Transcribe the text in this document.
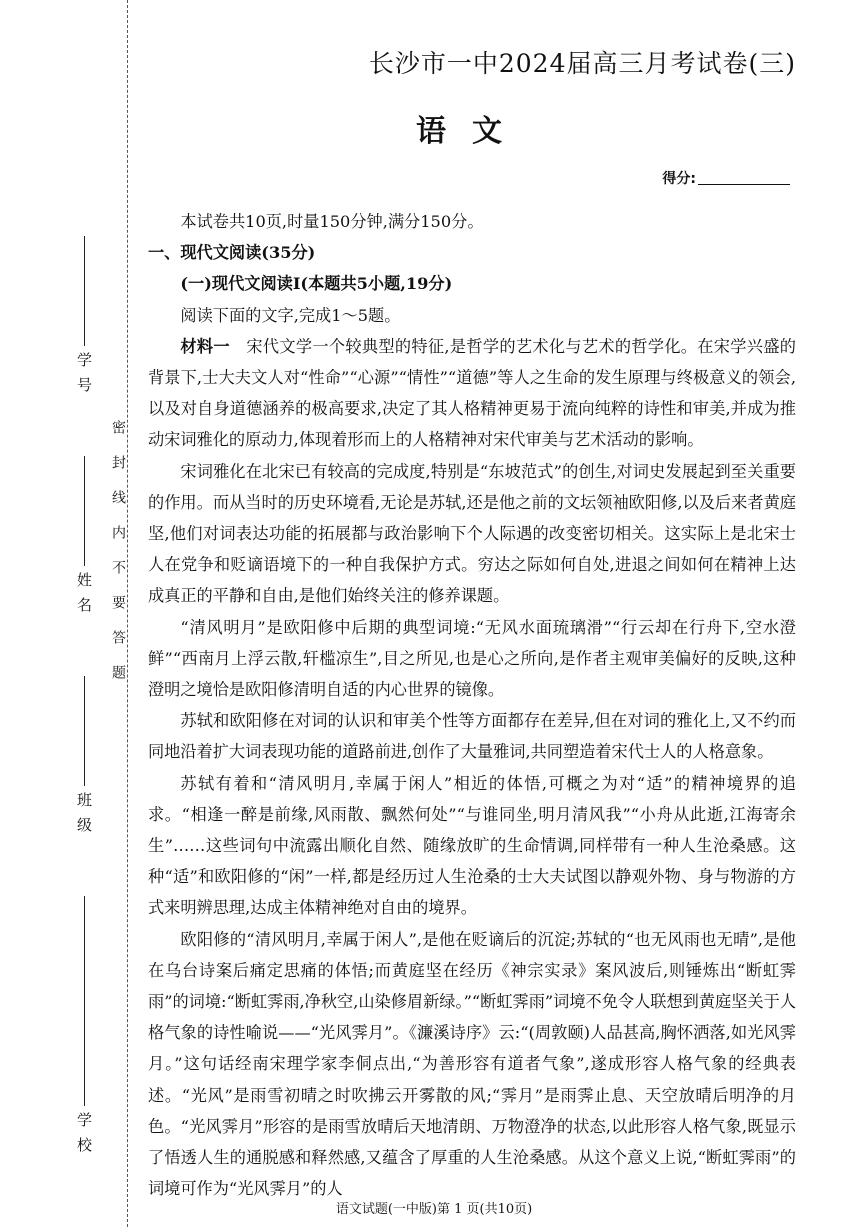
学号
姓名
班级
学校
密封线内不要答题
长沙市一中2024届高三月考试卷(三)
语文
得分:

本试卷共10页,时量150分钟,满分150分。

一、现代文阅读(35分)

(一)现代文阅读Ⅰ(本题共5小题,19分)

阅读下面的文字,完成1～5题。

材料一　 宋代文学一个较典型的特征,是哲学的艺术化与艺术的哲学化。在宋学兴盛的背景下,士大夫文人对“性命”“心源”“情性”“道德”等人之生命的发生原理与终极意义的领会,以及对自身道德涵养的极高要求,决定了其人格精神更易于流向纯粹的诗性和审美,并成为推动宋词雅化的原动力,体现着形而上的人格精神对宋代审美与艺术活动的影响。

宋词雅化在北宋已有较高的完成度,特别是“东坡范式”的创生,对词史发展起到至关重要的作用。而从当时的历史环境看,无论是苏轼,还是他之前的文坛领袖欧阳修,以及后来者黄庭坚,他们对词表达功能的拓展都与政治影响下个人际遇的改变密切相关。这实际上是北宋士人在党争和贬谪语境下的一种自我保护方式。穷达之际如何自处,进退之间如何在精神上达成真正的平静和自由,是他们始终关注的修养课题。

“清风明月”是欧阳修中后期的典型词境:“无风水面琉璃滑”“行云却在行舟下,空水澄鲜”“西南月上浮云散,轩槛凉生”,目之所见,也是心之所向,是作者主观审美偏好的反映,这种澄明之境恰是欧阳修清明自适的内心世界的镜像。

苏轼和欧阳修在对词的认识和审美个性等方面都存在差异,但在对词的雅化上,又不约而同地沿着扩大词表现功能的道路前进,创作了大量雅词,共同塑造着宋代士人的人格意象。

苏轼有着和“清风明月,幸属于闲人”相近的体悟,可概之为对“适”的精神境界的追求。“相逢一醉是前缘,风雨散、飘然何处”“与谁同坐,明月清风我”“小舟从此逝,江海寄余生”……这些词句中流露出顺化自然、随缘放旷的生命情调,同样带有一种人生沧桑感。这种“适”和欧阳修的“闲”一样,都是经历过人生沧桑的士大夫试图以静观外物、身与物游的方式来明辨思理,达成主体精神绝对自由的境界。

欧阳修的“清风明月,幸属于闲人”,是他在贬谪后的沉淀;苏轼的“也无风雨也无晴”,是他在乌台诗案后痛定思痛的体悟;而黄庭坚在经历《神宗实录》案风波后,则锤炼出“断虹霁雨”的词境:“断虹霁雨,净秋空,山染修眉新绿。”“断虹霁雨”词境不免令人联想到黄庭坚关于人格气象的诗性喻说——“光风霁月”。《濂溪诗序》云:“(周敦颐)人品甚高,胸怀洒落,如光风霁月。”这句话经南宋理学家李侗点出,“为善形容有道者气象”,遂成形容人格气象的经典表述。“光风”是雨雪初晴之时吹拂云开雾散的风;“霁月”是雨霁止息、天空放晴后明净的月色。“光风霁月”形容的是雨雪放晴后天地清朗、万物澄净的状态,以此形容人格气象,既显示了悟透人生的通脱感和释然感,又蕴含了厚重的人生沧桑感。从这个意义上说,“断虹霁雨”的词境可作为“光风霁月”的人

语文试题(一中版)第 1 页(共10页)
